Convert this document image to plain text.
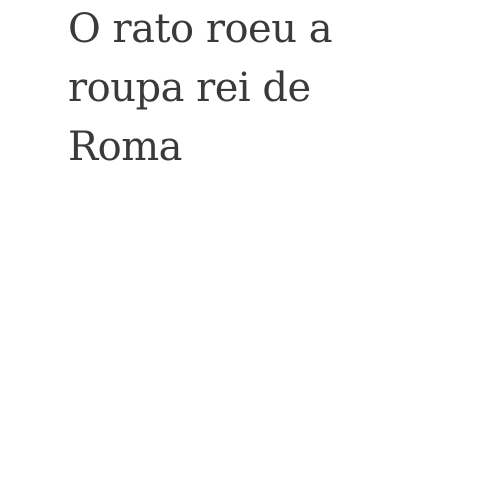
O rato roeu a
roupa rei de
Roma
